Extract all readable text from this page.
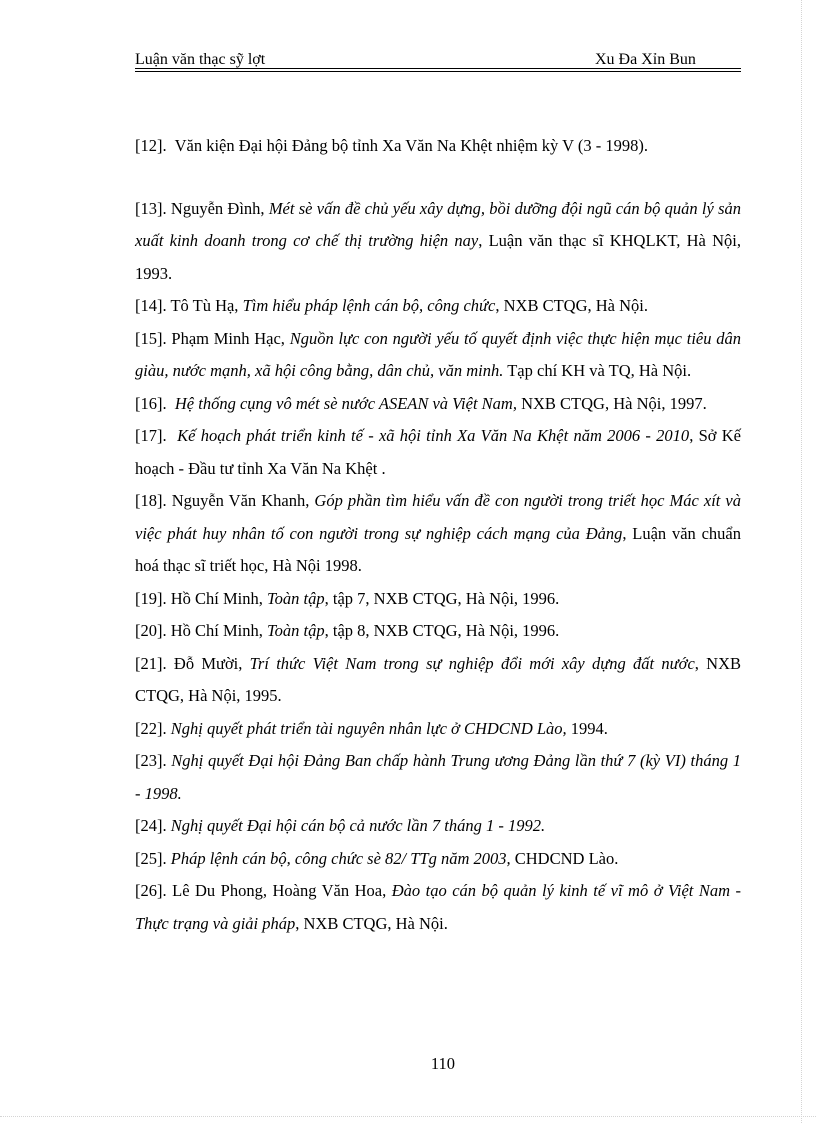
Luận văn thạc sỹ lợt	Xu Đa Xỉn Bun

[12]. Văn kiện Đại hội Đảng bộ tỉnh Xa Văn Na Khệt nhiệm kỳ V (3 - 1998).

[13]. Nguyễn Đình, Mét sè vấn đề chủ yếu xây dựng, bồi dưỡng đội ngũ cán bộ quản lý sản xuất kinh doanh trong cơ chế thị trường hiện nay, Luận văn thạc sĩ KHQLKT, Hà Nội, 1993.

[14]. Tô Tù Hạ, Tìm hiểu pháp lệnh cán bộ, công chức, NXB CTQG, Hà Nội.

[15]. Phạm Minh Hạc, Nguồn lực con người yếu tố quyết định việc thực hiện mục tiêu dân giàu, nước mạnh, xã hội công bằng, dân chủ, văn minh. Tạp chí KH và TQ, Hà Nội.

[16]. Hệ thống cụng vô mét sè nước ASEAN và Việt Nam, NXB CTQG, Hà Nội, 1997.

[17]. Kế hoạch phát triển kinh tế - xã hội tỉnh Xa Văn Na Khệt năm 2006 - 2010, Sở Kế hoạch - Đầu tư tỉnh Xa Văn Na Khệt .

[18]. Nguyễn Văn Khanh, Góp phần tìm hiểu vấn đề con người trong triết học Mác xít và việc phát huy nhân tố con người trong sự nghiệp cách mạng của Đảng, Luận văn chuẩn hoá thạc sĩ triết học, Hà Nội 1998.

[19]. Hồ Chí Minh, Toàn tập, tập 7, NXB CTQG, Hà Nội, 1996.

[20]. Hồ Chí Minh, Toàn tập, tập 8, NXB CTQG, Hà Nội, 1996.

[21]. Đỗ Mười, Trí thức Việt Nam trong sự nghiệp đổi mới xây dựng đất nước, NXB CTQG, Hà Nội, 1995.

[22]. Nghị quyết phát triển tài nguyên nhân lực ở CHDCND Lào, 1994.

[23]. Nghị quyết Đại hội Đảng Ban chấp hành Trung ương Đảng lần thứ 7 (kỳ VI) tháng 1 - 1998.

[24]. Nghị quyết Đại hội cán bộ cả nước lần 7 tháng 1 - 1992.

[25]. Pháp lệnh cán bộ, công chức sè 82/ TTg năm 2003, CHDCND Lào.

[26]. Lê Du Phong, Hoàng Văn Hoa, Đào tạo cán bộ quản lý kinh tế vĩ mô ở Việt Nam - Thực trạng và giải pháp, NXB CTQG, Hà Nội.

110
